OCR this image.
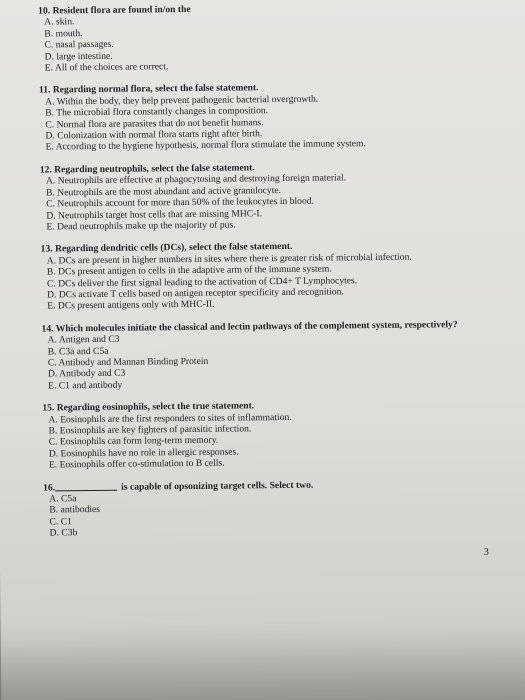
10. Resident flora are found in/on the
A. skin.
B. mouth.
C. nasal passages.
D. large intestine.
E. All of the choices are correct.
11. Regarding normal flora, select the false statement.
A. Within the body, they help prevent pathogenic bacterial overgrowth.
B. The microbial flora constantly changes in composition.
C. Normal flora are parasites that do not benefit humans.
D. Colonization with normal flora starts right after birth.
E. According to the hygiene hypothesis, normal flora stimulate the immune system.
12. Regarding neutrophils, select the false statement.
A. Neutrophils are effective at phagocytosing and destroying foreign material.
B. Neutrophils are the most abundant and active granulocyte.
C. Neutrophils account for more than 50% of the leukocytes in blood.
D. Neutrophils target host cells that are missing MHC-I.
E. Dead neutrophils make up the majority of pus.
13. Regarding dendritic cells (DCs), select the false statement.
A. DCs are present in higher numbers in sites where there is greater risk of microbial infection.
B. DCs present antigen to cells in the adaptive arm of the immune system.
C. DCs deliver the first signal leading to the activation of CD4+ T Lymphocytes.
D. DCs activate T cells based on antigen receptor specificity and recognition.
E. DCs present antigens only with MHC-II.
14. Which molecules initiate the classical and lectin pathways of the complement system, respectively?
A. Antigen and C3
B. C3a and C5a
C. Antibody and Mannan Binding Protein
D. Antibody and C3
E. C1 and antibody
15. Regarding eosinophils, select the true statement.
A. Eosinophils are the first responders to sites of inflammation.
B. Eosinophils are key fighters of parasitic infection.
C. Eosinophils can form long-term memory.
D. Eosinophils have no role in allergic responses.
E. Eosinophils offer co-stimulation to B cells.
16.	is capable of opsonizing target cells. Select two.
A. C5a
B. antibodies
C. C1
D. C3b
3
